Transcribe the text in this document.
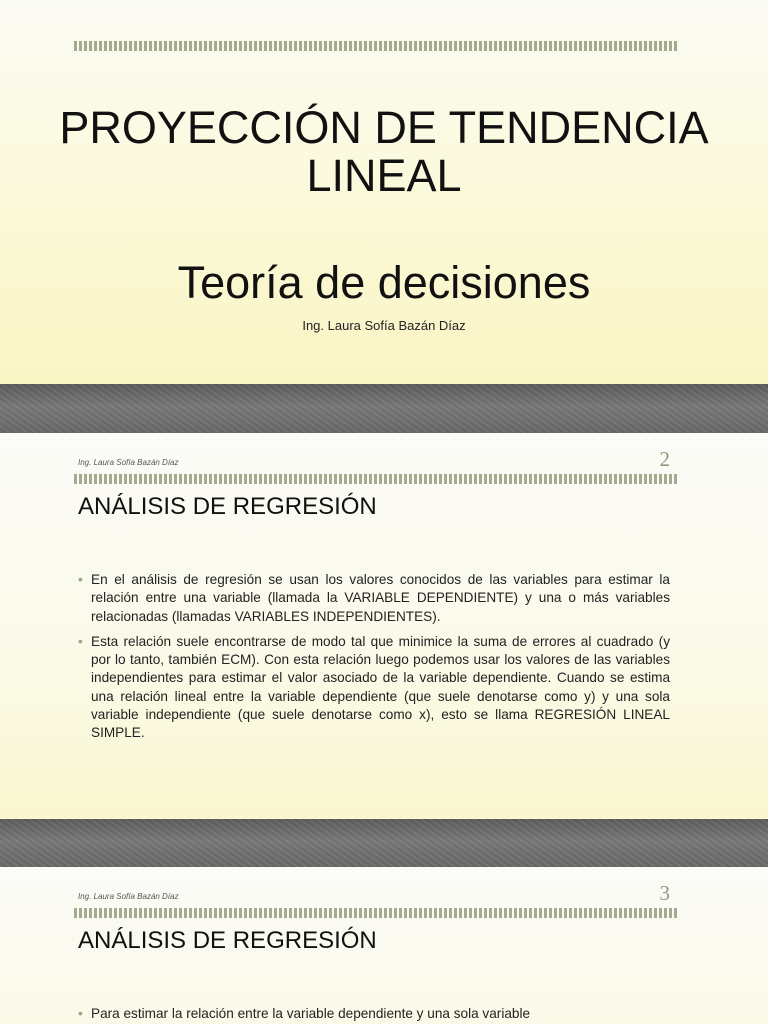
PROYECCIÓN DE TENDENCIA
LINEAL
Teoría de decisiones
Ing. Laura Sofía Bazán Díaz
Ing. Laura Sofía Bazán Díaz	2
ANÁLISIS DE REGRESIÓN
• En el análisis de regresión se usan los valores conocidos de las variables para estimar la relación entre una variable (llamada la VARIABLE DEPENDIENTE) y una o más variables relacionadas (llamadas VARIABLES INDEPENDIENTES).
• Esta relación suele encontrarse de modo tal que minimice la suma de errores al cuadrado (y por lo tanto, también ECM). Con esta relación luego podemos usar los valores de las variables independientes para estimar el valor asociado de la variable dependiente. Cuando se estima una relación lineal entre la variable dependiente (que suele denotarse como y) y una sola variable independiente (que suele denotarse como x), esto se llama REGRESIÓN LINEAL SIMPLE.
Ing. Laura Sofía Bazán Díaz	3
ANÁLISIS DE REGRESIÓN
• Para estimar la relación entre la variable dependiente y una sola variable
